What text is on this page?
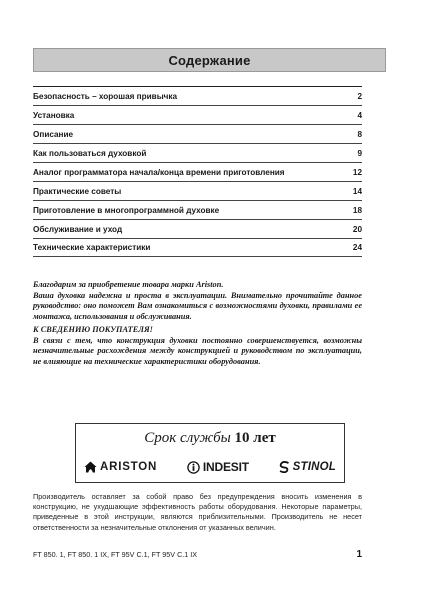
Содержание
Безопасность – хорошая привычка	2
Установка	4
Описание	8
Как пользоваться духовкой	9
Аналог программатора начала/конца времени приготовления	12
Практические советы	14
Приготовление в многопрограммной духовке	18
Обслуживание и уход	20
Технические характеристики	24

Благодарим за приобретение товара марки Ariston.

Ваша духовка надежна и проста в эксплуатации. Внимательно прочитайте данное руководство: оно поможет Вам ознакомиться с возможностями духовки, правилами ее монтажа, использования и обслуживания.

К СВЕДЕНИЮ ПОКУПАТЕЛЯ!

В связи с тем, что конструкция духовки постоянно совершенствуется, возможны незначительные расхождения между конструкцией и руководством по эксплуатации, не влияющие на технические характеристики оборудования.

Срок службы 10 лет
ARISTON	INDESIT	STINOL
Производитель оставляет за собой право без предупреждения вносить изменения в конструкцию, не ухудшающие эффективность работы оборудования. Некоторые параметры, приведенные в этой инструкции, являются приблизительными. Производитель не несет ответственности за незначительные отклонения от указанных величин.
FT 850. 1, FT 850. 1 IX, FT 95V C.1, FT 95V C.1 IX	1
